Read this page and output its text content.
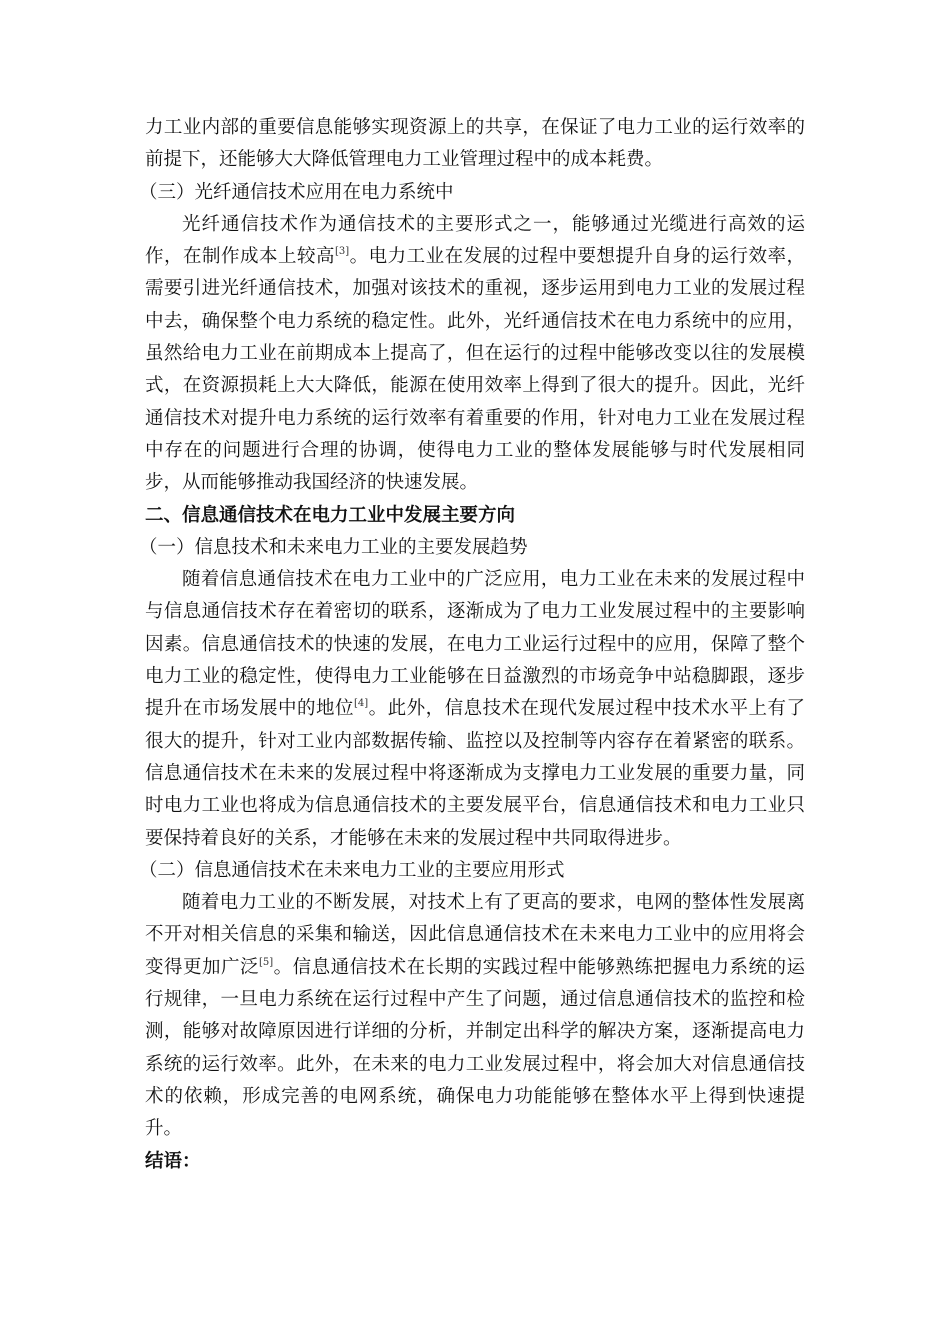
力工业内部的重要信息能够实现资源上的共享，在保证了电力工业的运行效率的前提下，还能够大大降低管理电力工业管理过程中的成本耗费。

（三）光纤通信技术应用在电力系统中

光纤通信技术作为通信技术的主要形式之一，能够通过光缆进行高效的运作，在制作成本上较高[3]。电力工业在发展的过程中要想提升自身的运行效率，需要引进光纤通信技术，加强对该技术的重视，逐步运用到电力工业的发展过程中去，确保整个电力系统的稳定性。此外，光纤通信技术在电力系统中的应用，虽然给电力工业在前期成本上提高了，但在运行的过程中能够改变以往的发展模式，在资源损耗上大大降低，能源在使用效率上得到了很大的提升。因此，光纤通信技术对提升电力系统的运行效率有着重要的作用，针对电力工业在发展过程中存在的问题进行合理的协调，使得电力工业的整体发展能够与时代发展相同步，从而能够推动我国经济的快速发展。

二、信息通信技术在电力工业中发展主要方向

（一）信息技术和未来电力工业的主要发展趋势

随着信息通信技术在电力工业中的广泛应用，电力工业在未来的发展过程中与信息通信技术存在着密切的联系，逐渐成为了电力工业发展过程中的主要影响因素。信息通信技术的快速的发展，在电力工业运行过程中的应用，保障了整个电力工业的稳定性，使得电力工业能够在日益激烈的市场竞争中站稳脚跟，逐步提升在市场发展中的地位[4]。此外，信息技术在现代发展过程中技术水平上有了很大的提升，针对工业内部数据传输、监控以及控制等内容存在着紧密的联系。信息通信技术在未来的发展过程中将逐渐成为支撑电力工业发展的重要力量，同时电力工业也将成为信息通信技术的主要发展平台，信息通信技术和电力工业只要保持着良好的关系，才能够在未来的发展过程中共同取得进步。

（二）信息通信技术在未来电力工业的主要应用形式

随着电力工业的不断发展，对技术上有了更高的要求，电网的整体性发展离不开对相关信息的采集和输送，因此信息通信技术在未来电力工业中的应用将会变得更加广泛[5]。信息通信技术在长期的实践过程中能够熟练把握电力系统的运行规律，一旦电力系统在运行过程中产生了问题，通过信息通信技术的监控和检测，能够对故障原因进行详细的分析，并制定出科学的解决方案，逐渐提高电力系统的运行效率。此外，在未来的电力工业发展过程中，将会加大对信息通信技术的依赖，形成完善的电网系统，确保电力功能能够在整体水平上得到快速提升。

结语：
